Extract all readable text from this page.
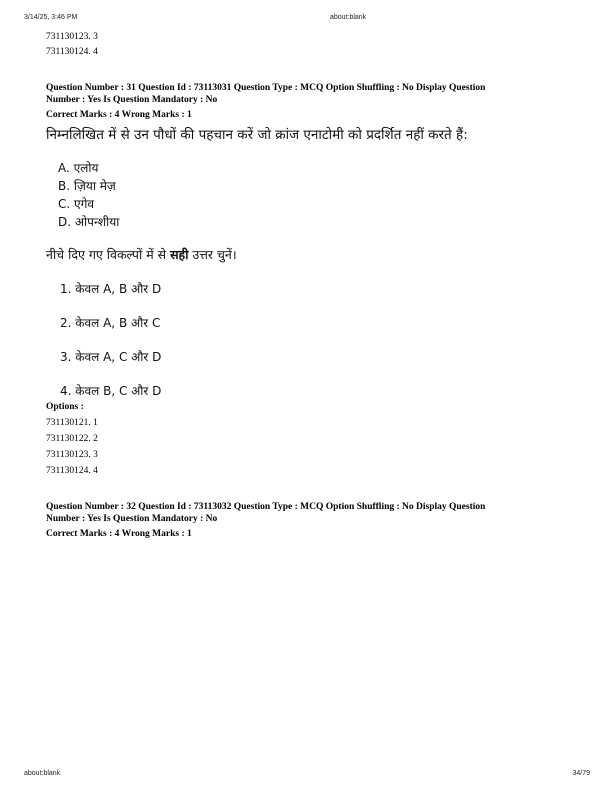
3/14/25, 3:46 PM	about:blank
731130123. 3
731130124. 4
Question Number : 31 Question Id : 73113031 Question Type : MCQ Option Shuffling : No Display Question
Number : Yes Is Question Mandatory : No
Correct Marks : 4 Wrong Marks : 1
निम्नलिखित में से उन पौधों की पहचान करें जो क्रांज एनाटोमी को प्रदर्शित नहीं करते हैं:
A. एलोय
B. ज़िया मेज़
C. एगेव
D. ओपन्शीया
नीचे दिए गए विकल्पों में से सही उत्तर चुनें।
1. केवल A, B और D
2. केवल A, B और C
3. केवल A, C और D
4. केवल B, C और D
Options :
731130121. 1
731130122. 2
731130123. 3
731130124. 4
Question Number : 32 Question Id : 73113032 Question Type : MCQ Option Shuffling : No Display Question
Number : Yes Is Question Mandatory : No
Correct Marks : 4 Wrong Marks : 1
about:blank	34/79
